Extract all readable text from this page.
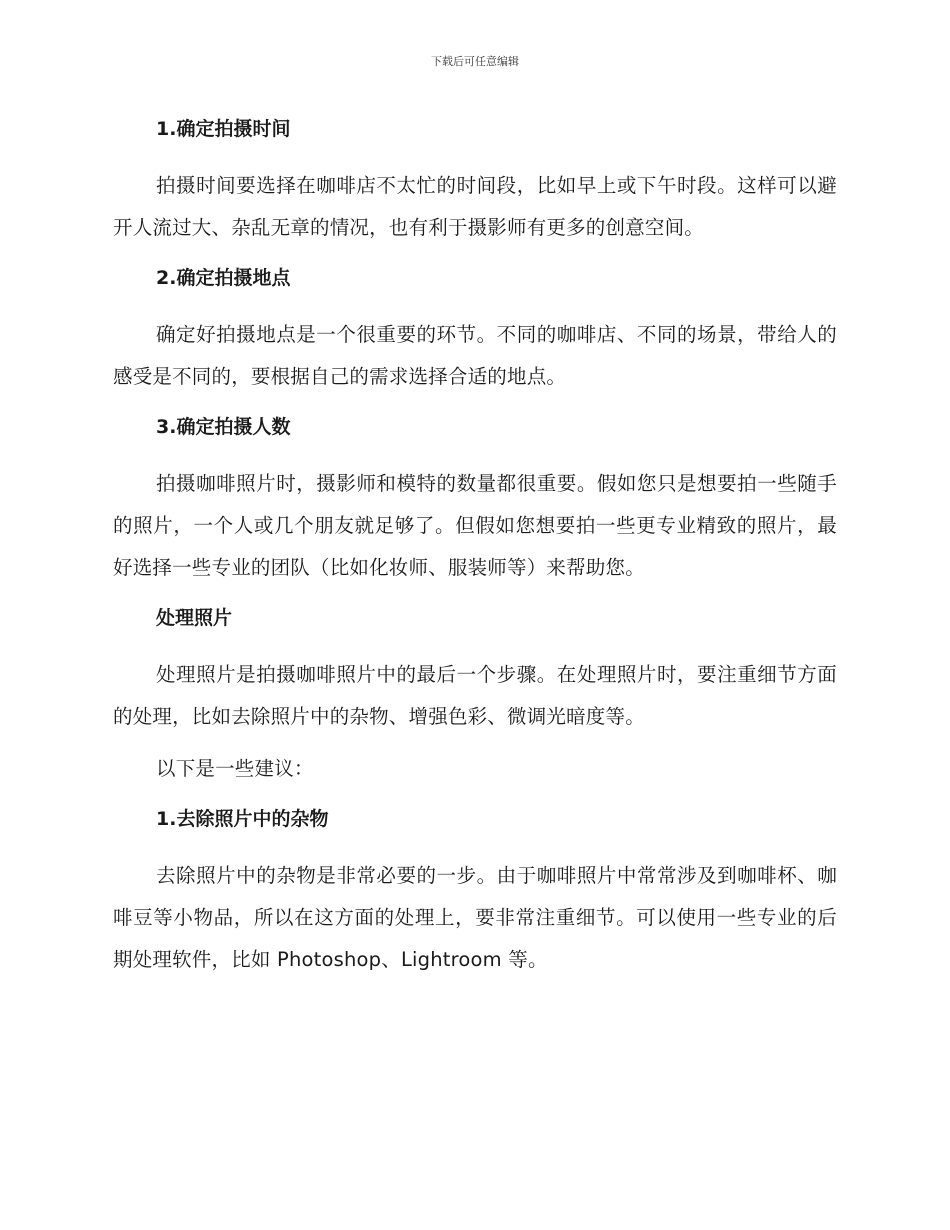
下载后可任意编辑
1.确定拍摄时间

拍摄时间要选择在咖啡店不太忙的时间段，比如早上或下午时段。这样可以避开人流过大、杂乱无章的情况，也有利于摄影师有更多的创意空间。

2.确定拍摄地点

确定好拍摄地点是一个很重要的环节。不同的咖啡店、不同的场景，带给人的感受是不同的，要根据自己的需求选择合适的地点。

3.确定拍摄人数

拍摄咖啡照片时，摄影师和模特的数量都很重要。假如您只是想要拍一些随手的照片，一个人或几个朋友就足够了。但假如您想要拍一些更专业精致的照片，最好选择一些专业的团队（比如化妆师、服装师等）来帮助您。

处理照片

处理照片是拍摄咖啡照片中的最后一个步骤。在处理照片时，要注重细节方面的处理，比如去除照片中的杂物、增强色彩、微调光暗度等。

以下是一些建议：

1.去除照片中的杂物

去除照片中的杂物是非常必要的一步。由于咖啡照片中常常涉及到咖啡杯、咖啡豆等小物品，所以在这方面的处理上，要非常注重细节。可以使用一些专业的后期处理软件，比如 Photoshop、Lightroom 等。
